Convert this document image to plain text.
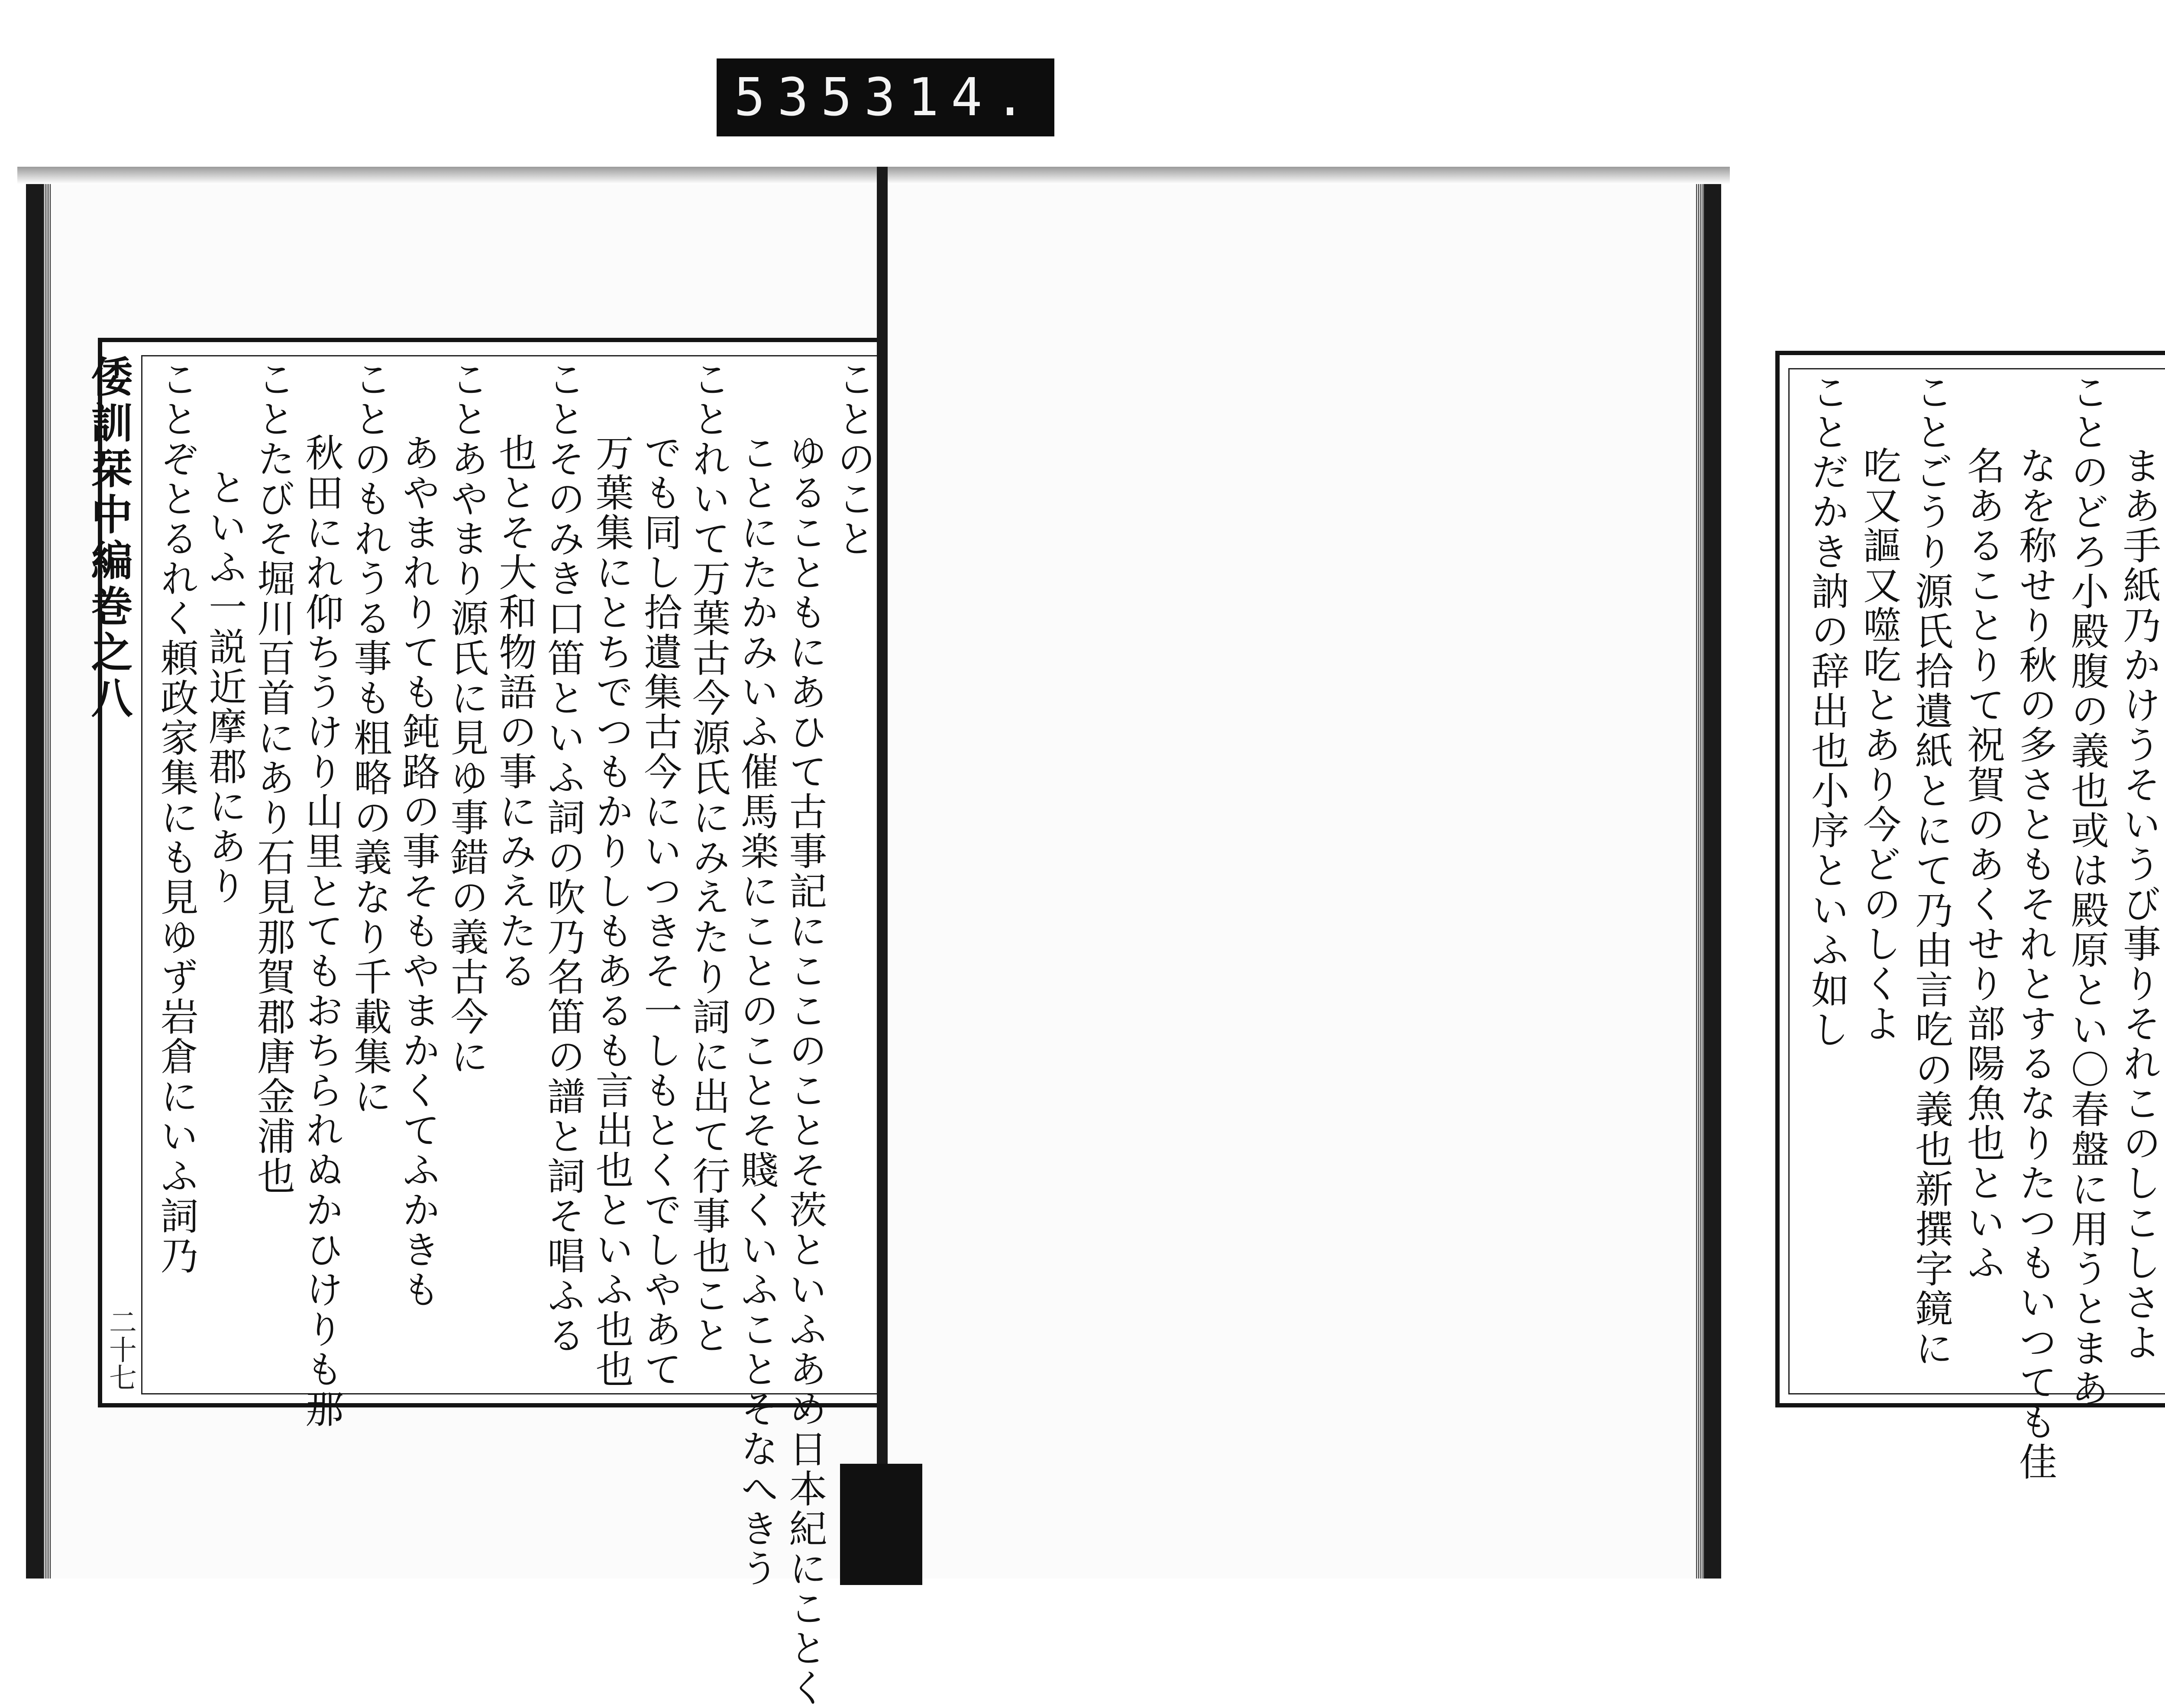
535 314.
倭訓栞中編巻之八
二十七
ことのこと
ゆることもにあひて古事記にここのことそ茨といふあめ日本紀にことく
ことにたかみいふ催馬楽にことのことそ賤くいふことそなへきう
ことれいて万葉古今源氏にみえたり詞に出て行事也こと
でも同し拾遺集古今にいつきそ一しもとくでしやあて
万葉集にとちでつもかりしもあるも言出也といふ也也
ことそのみき口笛といふ詞の吹乃名笛の譜と詞そ唱ふる
也とそ大和物語の事にみえたる
ことあやまり源氏に見ゆ事錯の義古今に
あやまれりても鈍路の事そもやまかくてふかきも
ことのもれうる事も粗略の義なり千載集に
秋田にれ仰ちうけり山里とてもおちられぬかひけりも那
ことたびそ堀川百首にあり石見那賀郡唐金浦也
といふ一説近摩郡にあり
ことぞとるれく頼政家集にも見ゆず岩倉にいふ詞乃	まあ手紙乃かけうそいうび事りそれこのしこしさよ
ことのどろ小殿腹の義也或は殿原とい〇春盤に用うとまあ
なを称せり秋の多さともそれとするなりたつもいつても佳
名あることりて祝賀のあくせり部陽魚也といふ
ことごうり源氏拾遺紙とにて乃由言吃の義也新撰字鏡に
吃又謳又噬吃とあり今どのしくよ
ことだかき訥の辞出也小序といふ如し
